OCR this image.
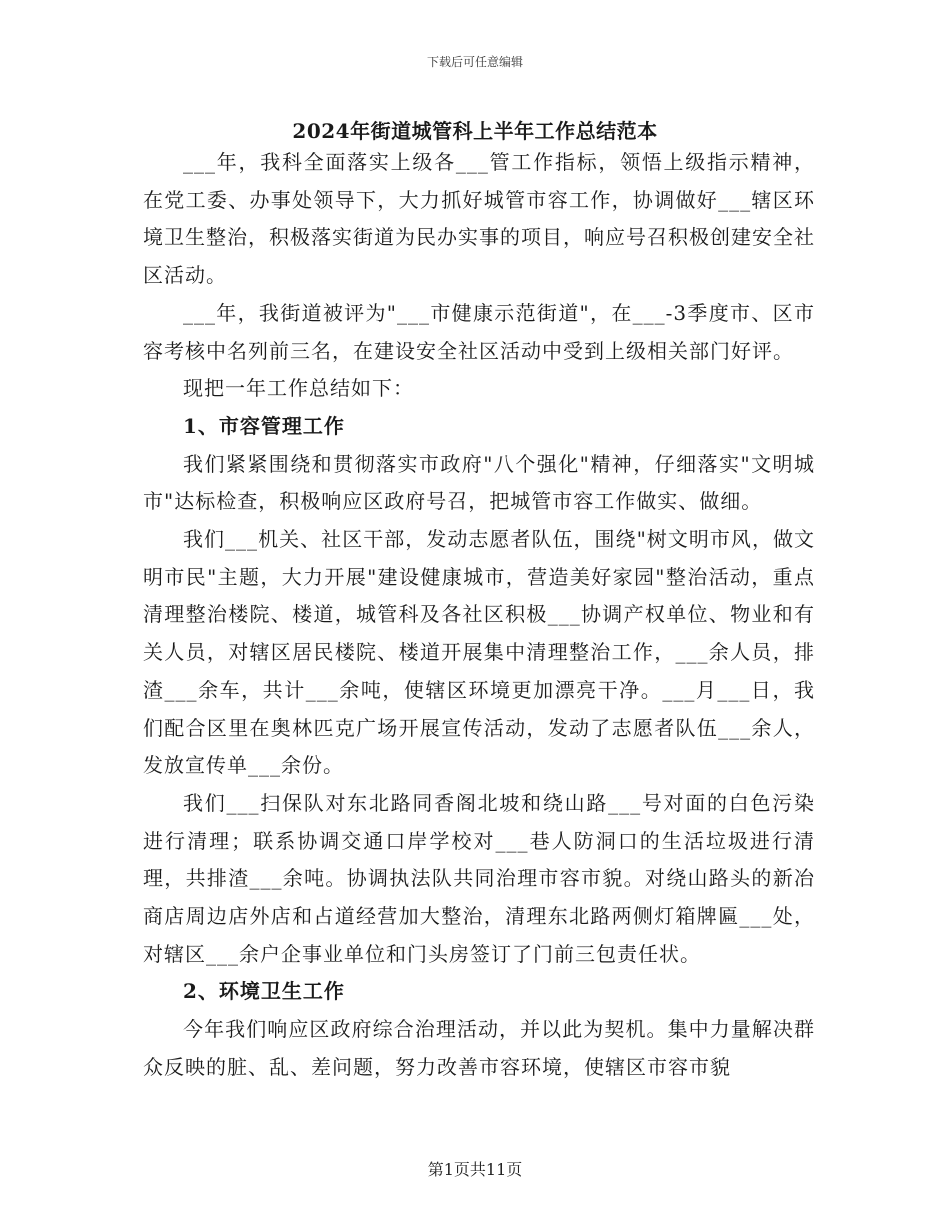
下载后可任意编辑
2024年街道城管科上半年工作总结范本

___年，我科全面落实上级各___管工作指标，领悟上级指示精神，在党工委、办事处领导下，大力抓好城管市容工作，协调做好___辖区环境卫生整治，积极落实街道为民办实事的项目，响应号召积极创建安全社区活动。

___年，我街道被评为"___市健康示范街道"，在___-3季度市、区市容考核中名列前三名，在建设安全社区活动中受到上级相关部门好评。

现把一年工作总结如下：

1、市容管理工作

我们紧紧围绕和贯彻落实市政府"八个强化"精神，仔细落实"文明城市"达标检查，积极响应区政府号召，把城管市容工作做实、做细。

我们___机关、社区干部，发动志愿者队伍，围绕"树文明市风，做文明市民"主题，大力开展"建设健康城市，营造美好家园"整治活动，重点清理整治楼院、楼道，城管科及各社区积极___协调产权单位、物业和有关人员，对辖区居民楼院、楼道开展集中清理整治工作，___余人员，排渣___余车，共计___余吨，使辖区环境更加漂亮干净。___月___日，我们配合区里在奥林匹克广场开展宣传活动，发动了志愿者队伍___余人，发放宣传单___余份。

我们___扫保队对东北路同香阁北坡和绕山路___号对面的白色污染进行清理；联系协调交通口岸学校对___巷人防洞口的生活垃圾进行清理，共排渣___余吨。协调执法队共同治理市容市貌。对绕山路头的新冶商店周边店外店和占道经营加大整治，清理东北路两侧灯箱牌匾___处，对辖区___余户企事业单位和门头房签订了门前三包责任状。

2、环境卫生工作

今年我们响应区政府综合治理活动，并以此为契机。集中力量解决群众反映的脏、乱、差问题，努力改善市容环境，使辖区市容市貌

第1页共11页
